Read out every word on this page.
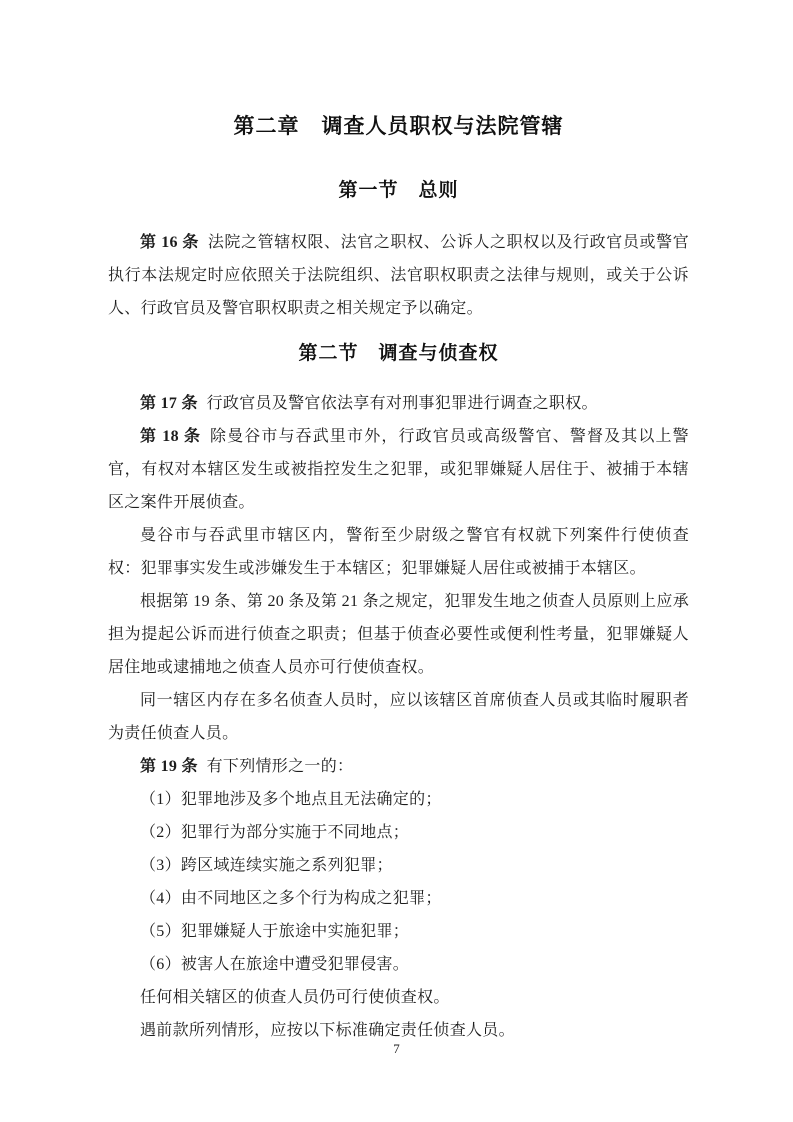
第二章　调查人员职权与法院管辖
第一节　总则

第 16 条 法院之管辖权限、法官之职权、公诉人之职权以及行政官员或警官执行本法规定时应依照关于法院组织、法官职权职责之法律与规则，或关于公诉人、行政官员及警官职权职责之相关规定予以确定。

第二节　调查与侦查权

第 17 条 行政官员及警官依法享有对刑事犯罪进行调查之职权。

第 18 条 除曼谷市与吞武里市外，行政官员或高级警官、警督及其以上警官，有权对本辖区发生或被指控发生之犯罪，或犯罪嫌疑人居住于、被捕于本辖区之案件开展侦查。

曼谷市与吞武里市辖区内，警衔至少尉级之警官有权就下列案件行使侦查权：犯罪事实发生或涉嫌发生于本辖区；犯罪嫌疑人居住或被捕于本辖区。

根据第 19 条、第 20 条及第 21 条之规定，犯罪发生地之侦查人员原则上应承担为提起公诉而进行侦查之职责；但基于侦查必要性或便利性考量，犯罪嫌疑人居住地或逮捕地之侦查人员亦可行使侦查权。

同一辖区内存在多名侦查人员时，应以该辖区首席侦查人员或其临时履职者为责任侦查人员。

第 19 条 有下列情形之一的：

（1）犯罪地涉及多个地点且无法确定的；

（2）犯罪行为部分实施于不同地点；

（3）跨区域连续实施之系列犯罪；

（4）由不同地区之多个行为构成之犯罪；

（5）犯罪嫌疑人于旅途中实施犯罪；

（6）被害人在旅途中遭受犯罪侵害。

任何相关辖区的侦查人员仍可行使侦查权。

遇前款所列情形，应按以下标准确定责任侦查人员。

7
